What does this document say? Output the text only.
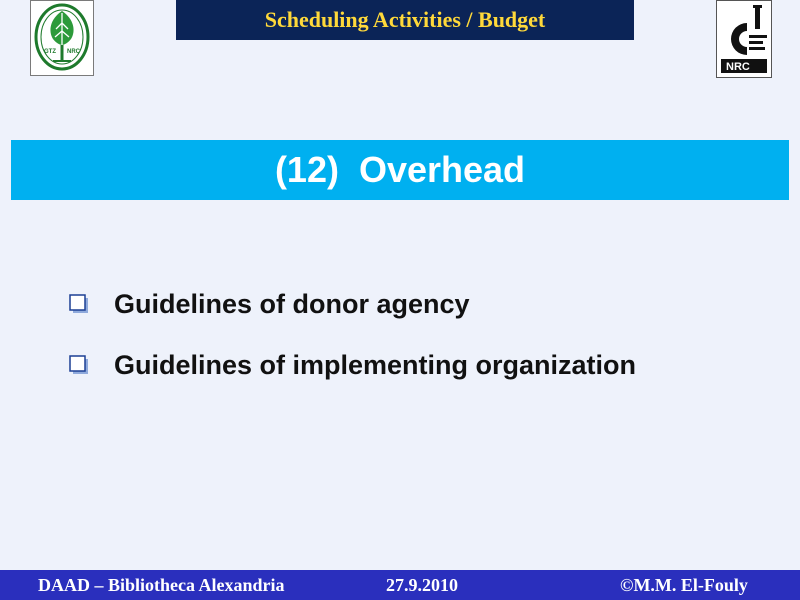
GTZ NRC
Scheduling Activities / Budget
NRC
(12)  Overhead
Guidelines of donor agency
Guidelines of implementing organization
DAAD – Bibliotheca Alexandria	27.9.2010	©M.M. El-Fouly
